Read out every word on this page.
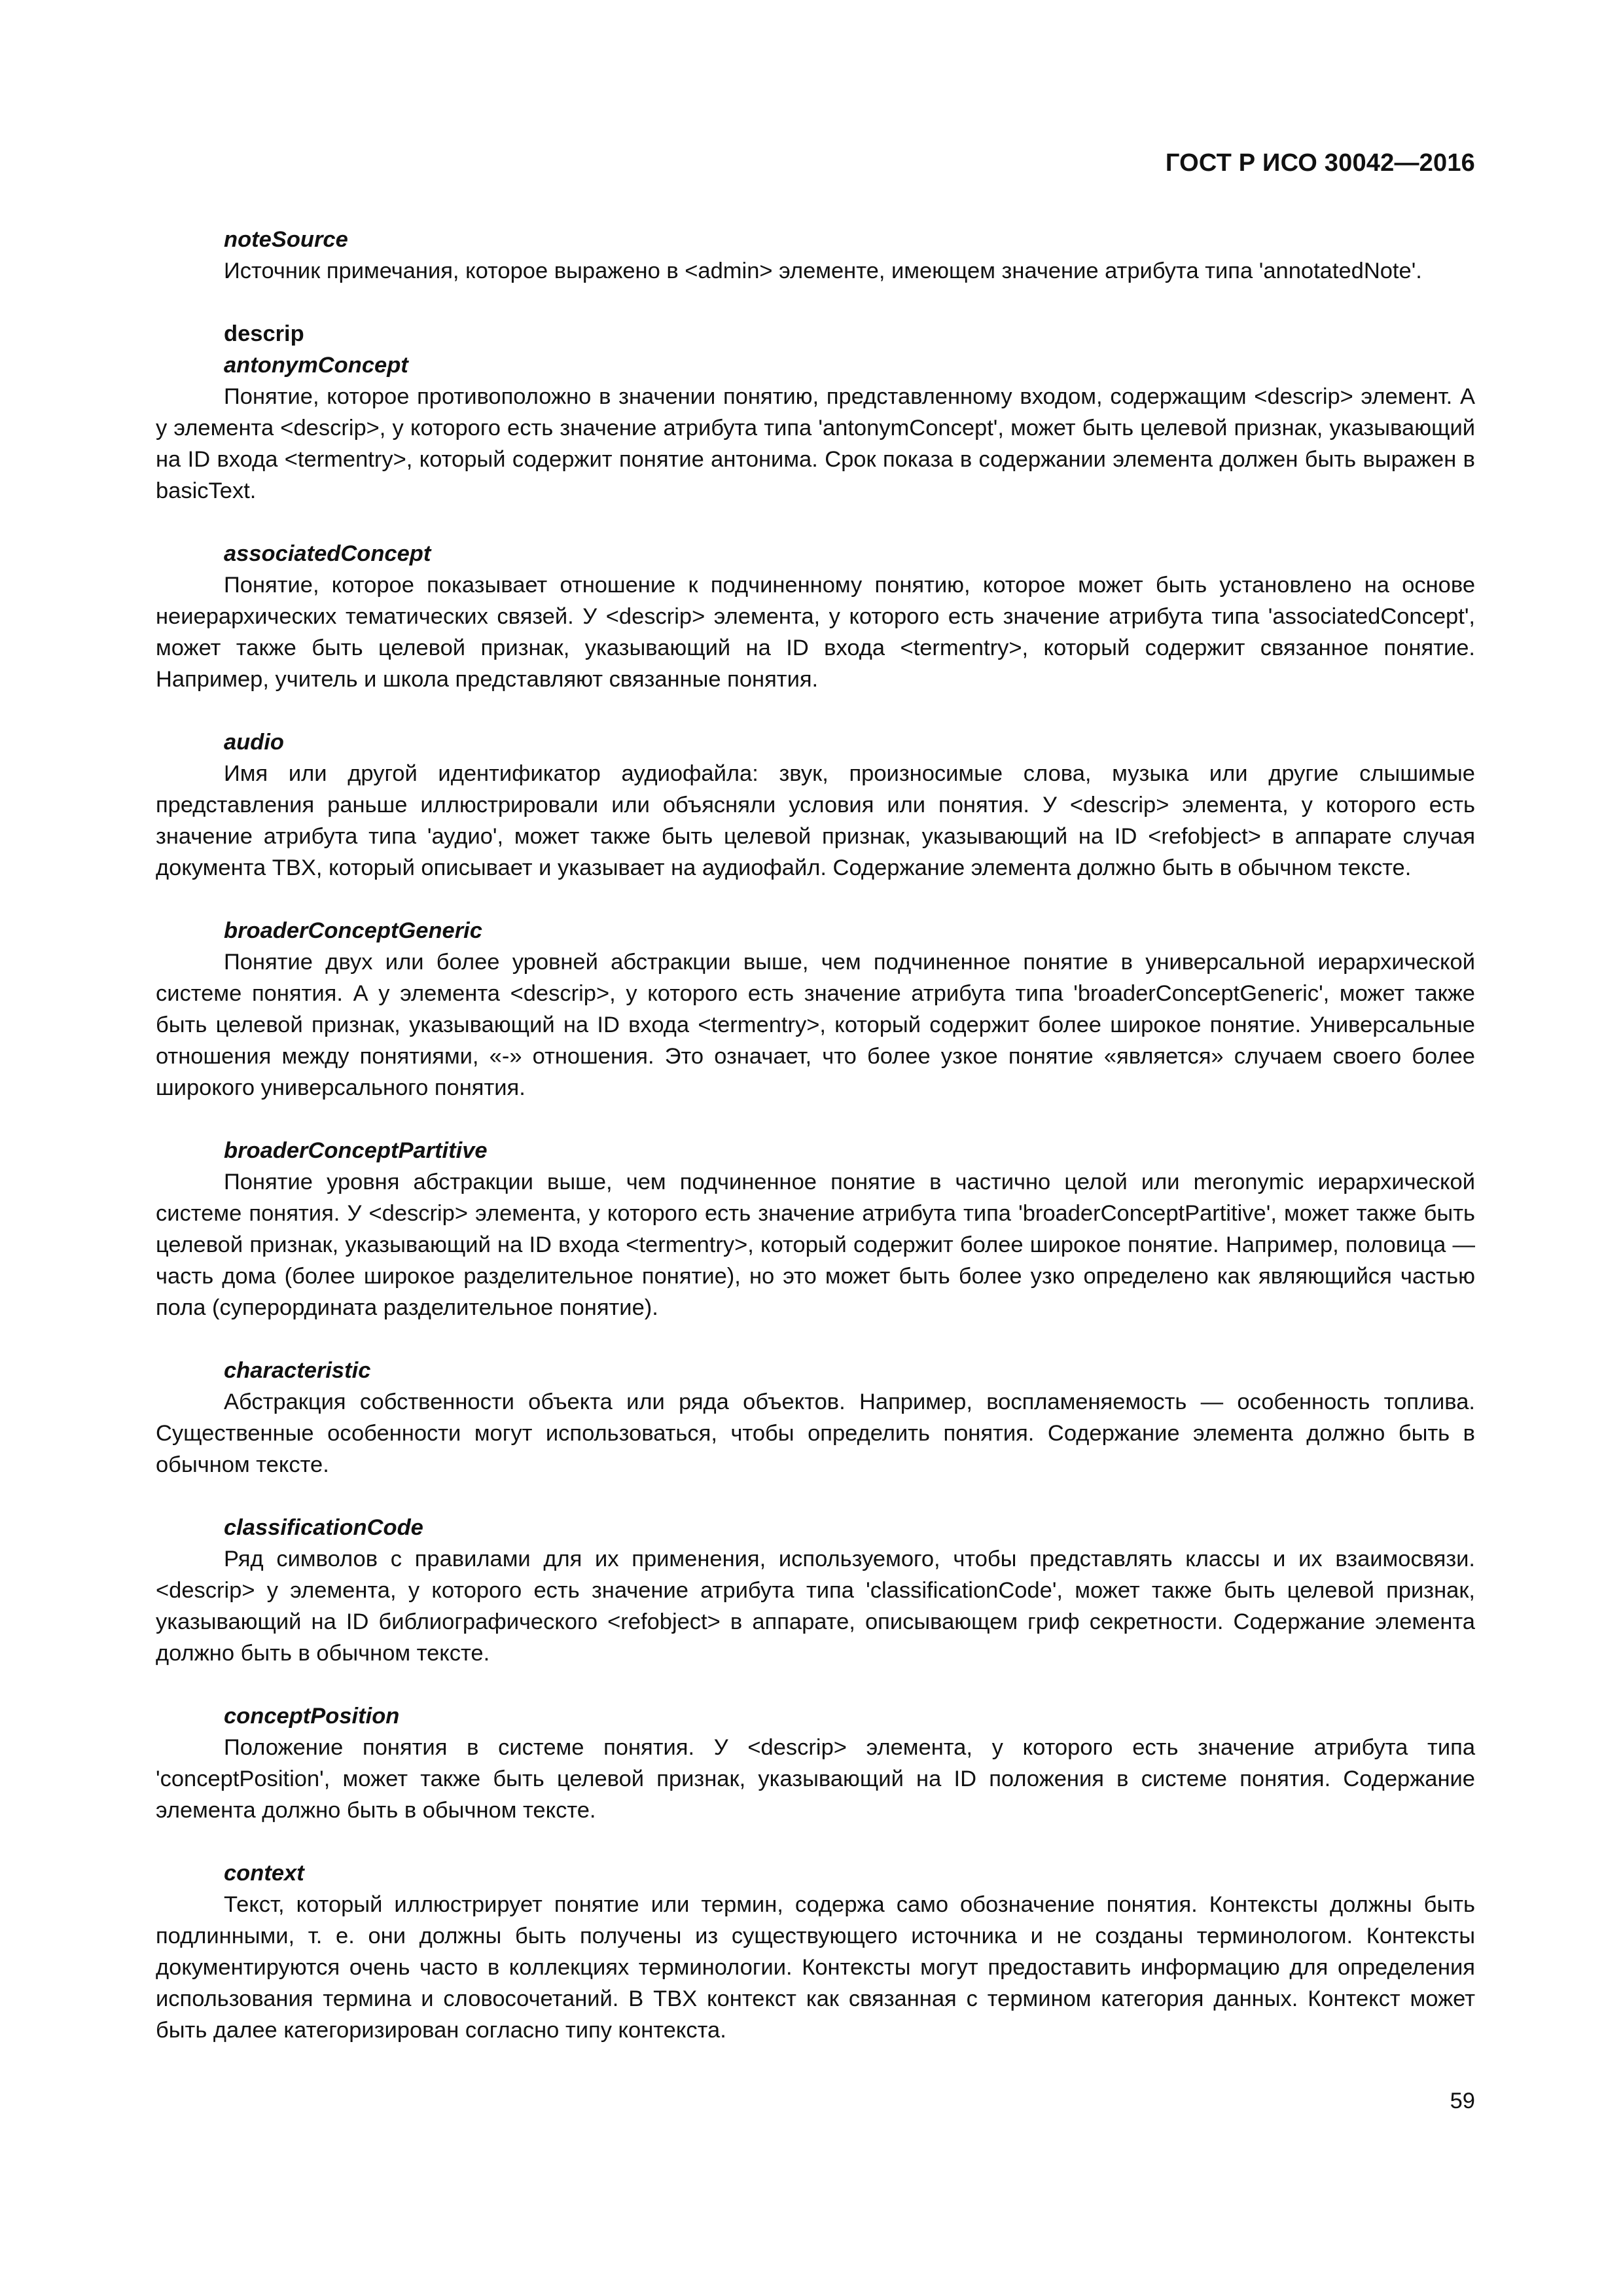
ГОСТ Р ИСО 30042—2016
noteSource

Источник примечания, которое выражено в <admin> элементе, имеющем значение атрибута типа 'annotatedNote'.

descrip
antonymConcept

Понятие, которое противоположно в значении понятию, представленному входом, содержащим <descrip> элемент. А у элемента <descrip>, у которого есть значение атрибута типа 'antonymConcept', может быть целевой признак, указывающий на ID входа <termentry>, который содержит понятие антонима. Срок показа в содержании элемента должен быть выражен в basicText.

associatedConcept

Понятие, которое показывает отношение к подчиненному понятию, которое может быть установлено на основе неиерархических тематических связей. У <descrip> элемента, у которого есть значение атрибута типа 'associatedConcept', может также быть целевой признак, указывающий на ID входа <termentry>, который содержит связанное понятие. Например, учитель и школа представляют связанные понятия.

audio

Имя или другой идентификатор аудиофайла: звук, произносимые слова, музыка или другие слышимые представления раньше иллюстрировали или объясняли условия или понятия. У <descrip> элемента, у которого есть значение атрибута типа 'аудио', может также быть целевой признак, указывающий на ID <refobject> в аппарате случая документа TBX, который описывает и указывает на аудиофайл. Содержание элемента должно быть в обычном тексте.

broaderConceptGeneric

Понятие двух или более уровней абстракции выше, чем подчиненное понятие в универсальной иерархической системе понятия. А у элемента <descrip>, у которого есть значение атрибута типа 'broaderConceptGeneric', может также быть целевой признак, указывающий на ID входа <termentry>, который содержит более широкое понятие. Универсальные отношения между понятиями, «-» отношения. Это означает, что более узкое понятие «является» случаем своего более широкого универсального понятия.

broaderConceptPartitive

Понятие уровня абстракции выше, чем подчиненное понятие в частично целой или meronymic иерархической системе понятия. У <descrip> элемента, у которого есть значение атрибута типа 'broaderConceptPartitive', может также быть целевой признак, указывающий на ID входа <termentry>, который содержит более широкое понятие. Например, половица — часть дома (более широкое разделительное понятие), но это может быть более узко определено как являющийся частью пола (суперордината разделительное понятие).

characteristic

Абстракция собственности объекта или ряда объектов. Например, воспламеняемость — особенность топлива. Существенные особенности могут использоваться, чтобы определить понятия. Содержание элемента должно быть в обычном тексте.

classificationCode

Ряд символов с правилами для их применения, используемого, чтобы представлять классы и их взаимосвязи. <descrip> у элемента, у которого есть значение атрибута типа 'classificationCode', может также быть целевой признак, указывающий на ID библиографического <refobject> в аппарате, описывающем гриф секретности. Содержание элемента должно быть в обычном тексте.

conceptPosition

Положение понятия в системе понятия. У <descrip> элемента, у которого есть значение атрибута типа 'conceptPosition', может также быть целевой признак, указывающий на ID положения в системе понятия. Содержание элемента должно быть в обычном тексте.

context

Текст, который иллюстрирует понятие или термин, содержа само обозначение понятия. Контексты должны быть подлинными, т. е. они должны быть получены из существующего источника и не созданы терминологом. Контексты документируются очень часто в коллекциях терминологии. Контексты могут предоставить информацию для определения использования термина и словосочетаний. В TBX контекст как связанная с термином категория данных. Контекст может быть далее категоризирован согласно типу контекста.

59
